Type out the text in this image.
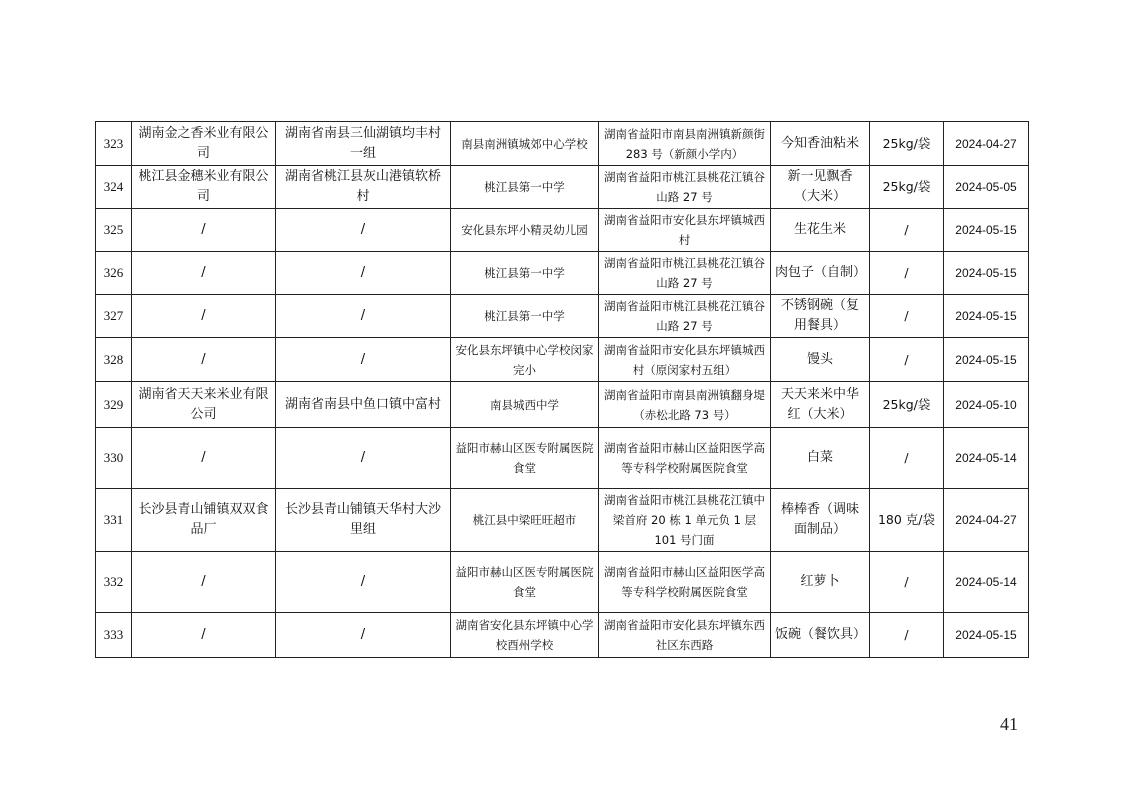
323	湖南金之香米业有限公司	湖南省南县三仙湖镇均丰村一组	南县南洲镇城郊中心学校	湖南省益阳市南县南洲镇新颜街 283 号（新颜小学内）	今知香油粘米	25kg/袋	2024-04-27
324	桃江县金穗米业有限公司	湖南省桃江县灰山港镇软桥村	桃江县第一中学	湖南省益阳市桃江县桃花江镇谷山路 27 号	新一见飘香（大米）	25kg/袋	2024-05-05
325	/	/	安化县东坪小精灵幼儿园	湖南省益阳市安化县东坪镇城西村	生花生米	/	2024-05-15
326	/	/	桃江县第一中学	湖南省益阳市桃江县桃花江镇谷山路 27 号	肉包子（自制）	/	2024-05-15
327	/	/	桃江县第一中学	湖南省益阳市桃江县桃花江镇谷山路 27 号	不锈钢碗（复用餐具）	/	2024-05-15
328	/	/	安化县东坪镇中心学校闵家完小	湖南省益阳市安化县东坪镇城西村（原闵家村五组）	馒头	/	2024-05-15
329	湖南省天天来米业有限公司	湖南省南县中鱼口镇中富村	南县城西中学	湖南省益阳市南县南洲镇翻身堤（赤松北路 73 号）	天天来米中华红（大米）	25kg/袋	2024-05-10
330	/	/	益阳市赫山区医专附属医院食堂	湖南省益阳市赫山区益阳医学高等专科学校附属医院食堂	白菜	/	2024-05-14
331	长沙县青山铺镇双双食品厂	长沙县青山铺镇天华村大沙里组	桃江县中梁旺旺超市	湖南省益阳市桃江县桃花江镇中梁首府 20 栋 1 单元负 1 层 101 号门面	棒棒香（调味面制品）	180 克/袋	2024-04-27
332	/	/	益阳市赫山区医专附属医院食堂	湖南省益阳市赫山区益阳医学高等专科学校附属医院食堂	红萝卜	/	2024-05-14
333	/	/	湖南省安化县东坪镇中心学校酉州学校	湖南省益阳市安化县东坪镇东西社区东西路	饭碗（餐饮具）	/	2024-05-15
41
